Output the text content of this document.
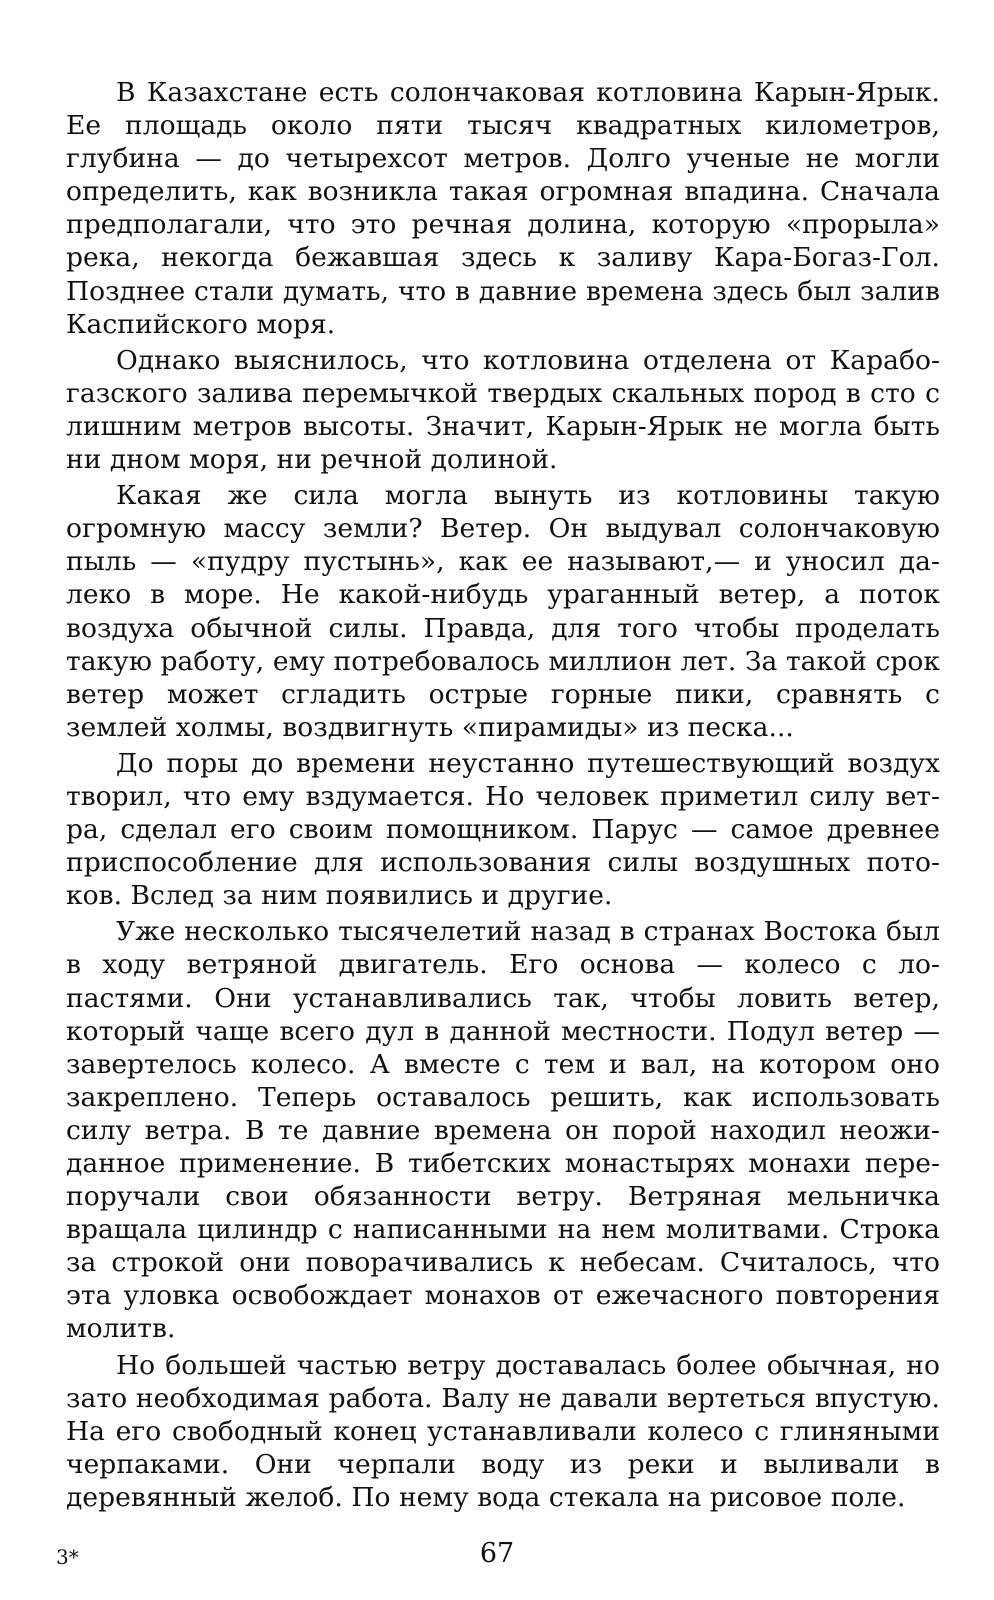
В Казахстане есть солончаковая котловина Карын-Ярык. Ее площадь около пяти тысяч квадратных километров, глубина — до четырехсот метров. Долго ученые не могли определить, как возникла такая огромная впадина. Сначала предполагали, что это речная долина, которую «прорыла» река, некогда бежавшая здесь к заливу Кара-Богаз-Гол. Позднее стали думать, что в давние времена здесь был залив Каспийского моря.

Однако выяснилось, что котловина отделена от Карабогазского залива перемычкой твердых скальных пород в сто с лишним метров высоты. Значит, Карын-Ярык не могла быть ни дном моря, ни речной долиной.

Какая же сила могла вынуть из котловины такую огромную массу земли? Ветер. Он выдувал солончаковую пыль — «пудру пустынь», как ее называют,— и уносил далеко в море. Не какой-нибудь ураганный ветер, а поток воздуха обычной силы. Правда, для того чтобы проделать такую работу, ему потребовалось миллион лет. За такой срок ветер может сгладить острые горные пики, сравнять с землей холмы, воздвигнуть «пирамиды» из песка...

До поры до времени неустанно путешествующий воздух творил, что ему вздумается. Но человек приметил силу ветра, сделал его своим помощником. Парус — самое древнее приспособление для использования силы воздушных потоков. Вслед за ним появились и другие.

Уже несколько тысячелетий назад в странах Востока был в ходу ветряной двигатель. Его основа — колесо с лопастями. Они устанавливались так, чтобы ловить ветер, который чаще всего дул в данной местности. Подул ветер — завертелось колесо. А вместе с тем и вал, на котором оно закреплено. Теперь оставалось решить, как использовать силу ветра. В те давние времена он порой находил неожиданное применение. В тибетских монастырях монахи перепоручали свои обязанности ветру. Ветряная мельничка вращала цилиндр с написанными на нем молитвами. Строка за строкой они поворачивались к небесам. Считалось, что эта уловка освобождает монахов от ежечасного повторения молитв.

Но большей частью ветру доставалась более обычная, но зато необходимая работа. Валу не давали вертеться впустую. На его свободный конец устанавливали колесо с глиняными черпаками. Они черпали воду из реки и выливали в деревянный желоб. По нему вода стекала на рисовое поле.

3*	67
